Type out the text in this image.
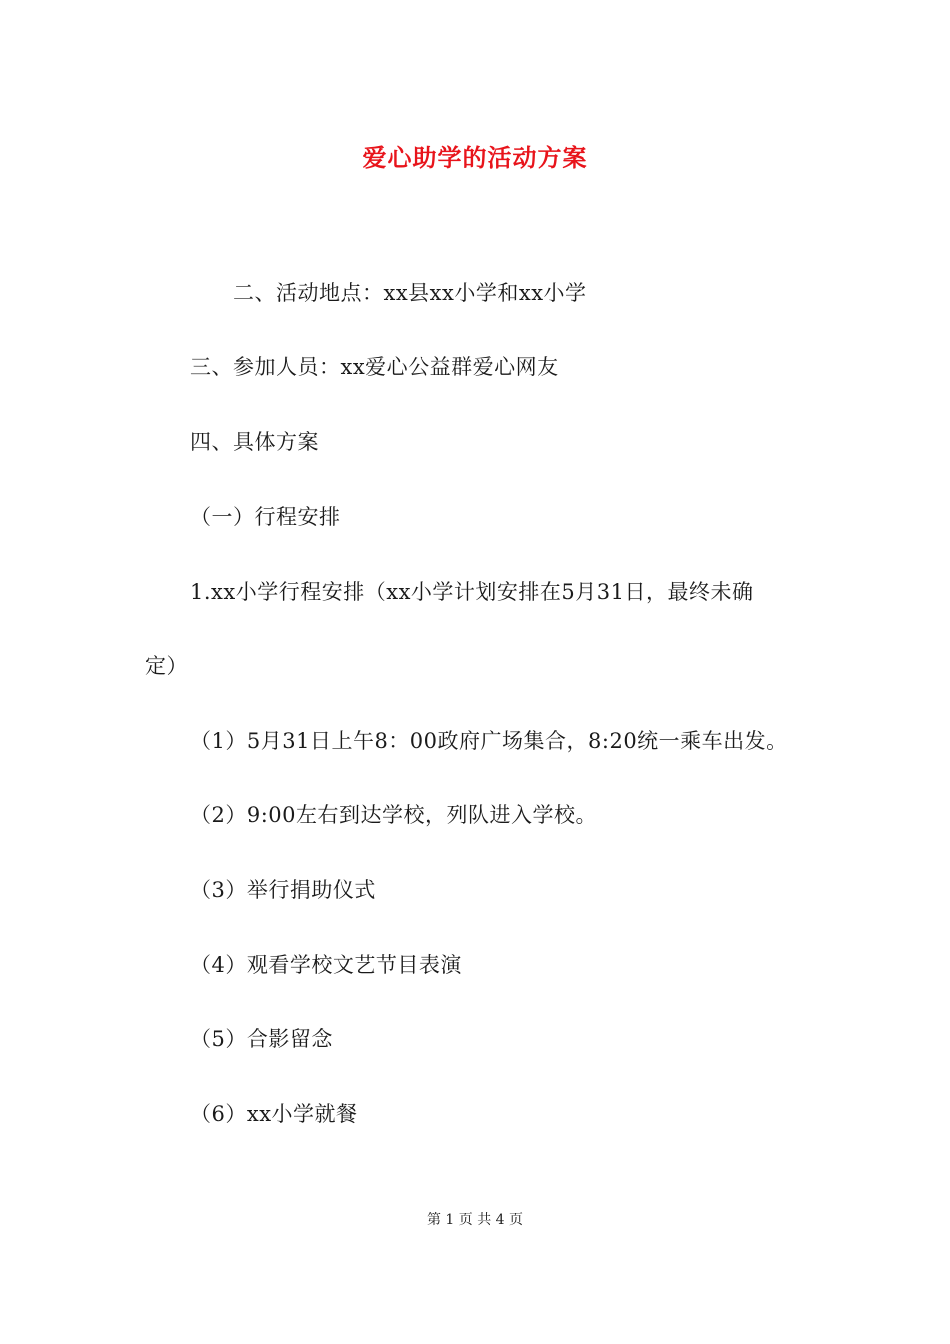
爱心助学的活动方案
二、活动地点：xx县xx小学和xx小学
三、参加人员：xx爱心公益群爱心网友
四、具体方案
（一）行程安排
1.xx小学行程安排（xx小学计划安排在5月31日，最终未确
定）
（1）5月31日上午8：00政府广场集合，8:20统一乘车出发。
（2）9:00左右到达学校，列队进入学校。
（3）举行捐助仪式
（4）观看学校文艺节目表演
（5）合影留念
（6）xx小学就餐
第 1 页 共 4 页
